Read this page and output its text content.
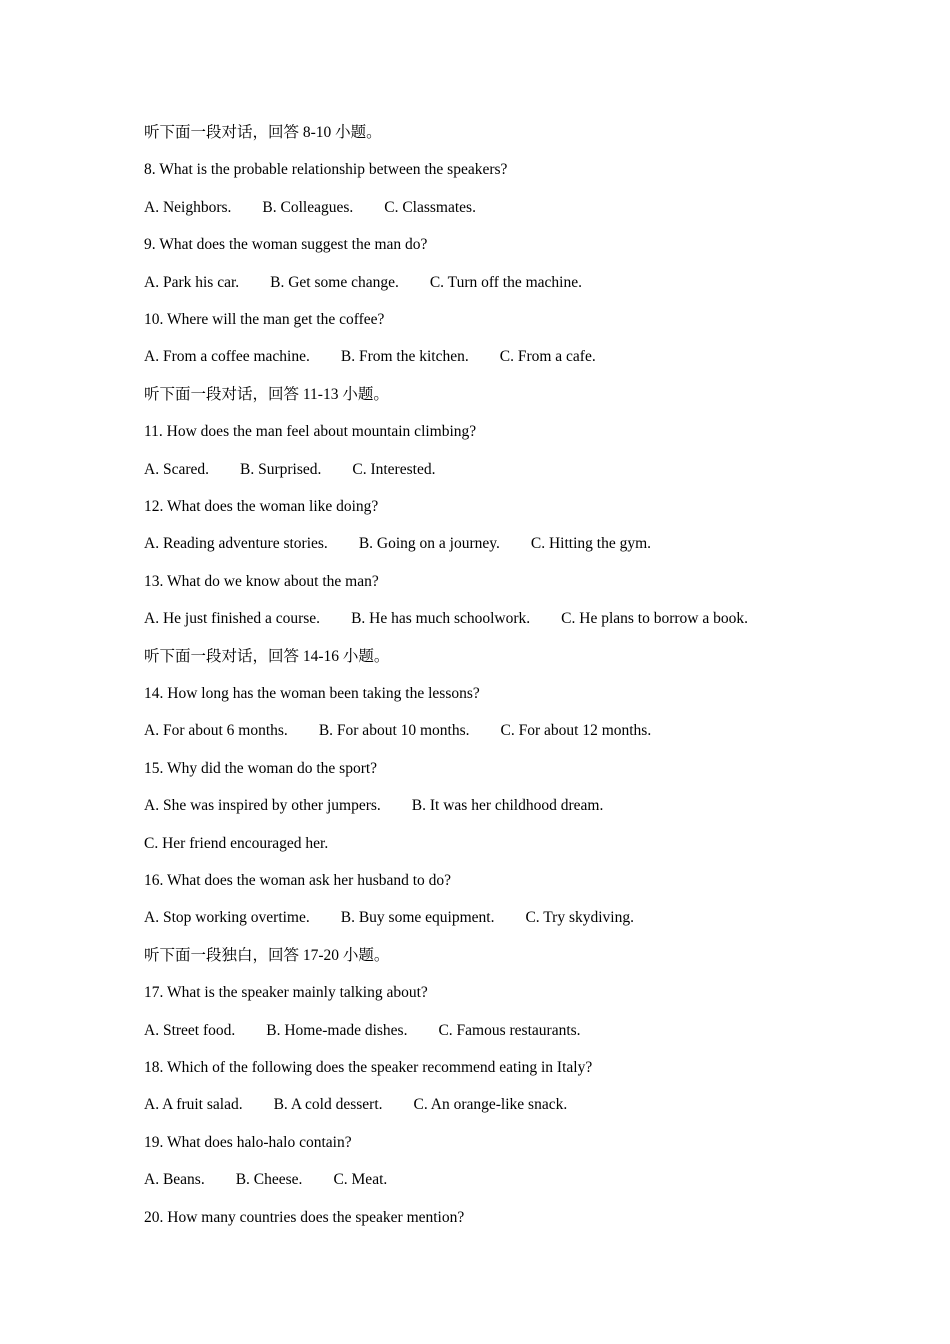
听下面一段对话，回答 8-10 小题。
8. What is the probable relationship between the speakers?
A. Neighbors. B. Colleagues. C. Classmates.
9. What does the woman suggest the man do?
A. Park his car. B. Get some change. C. Turn off the machine.
10. Where will the man get the coffee?
A. From a coffee machine. B. From the kitchen. C. From a cafe.
听下面一段对话，回答 11-13 小题。
11. How does the man feel about mountain climbing?
A. Scared. B. Surprised. C. Interested.
12. What does the woman like doing?
A. Reading adventure stories. B. Going on a journey. C. Hitting the gym.
13. What do we know about the man?
A. He just finished a course. B. He has much schoolwork. C. He plans to borrow a book.
听下面一段对话，回答 14-16 小题。
14. How long has the woman been taking the lessons?
A. For about 6 months. B. For about 10 months. C. For about 12 months.
15. Why did the woman do the sport?
A. She was inspired by other jumpers. B. It was her childhood dream.
C. Her friend encouraged her.
16. What does the woman ask her husband to do?
A. Stop working overtime. B. Buy some equipment. C. Try skydiving.
听下面一段独白，回答 17-20 小题。
17. What is the speaker mainly talking about?
A. Street food. B. Home-made dishes. C. Famous restaurants.
18. Which of the following does the speaker recommend eating in Italy?
A. A fruit salad. B. A cold dessert. C. An orange-like snack.
19. What does halo-halo contain?
A. Beans. B. Cheese. C. Meat.
20. How many countries does the speaker mention?
